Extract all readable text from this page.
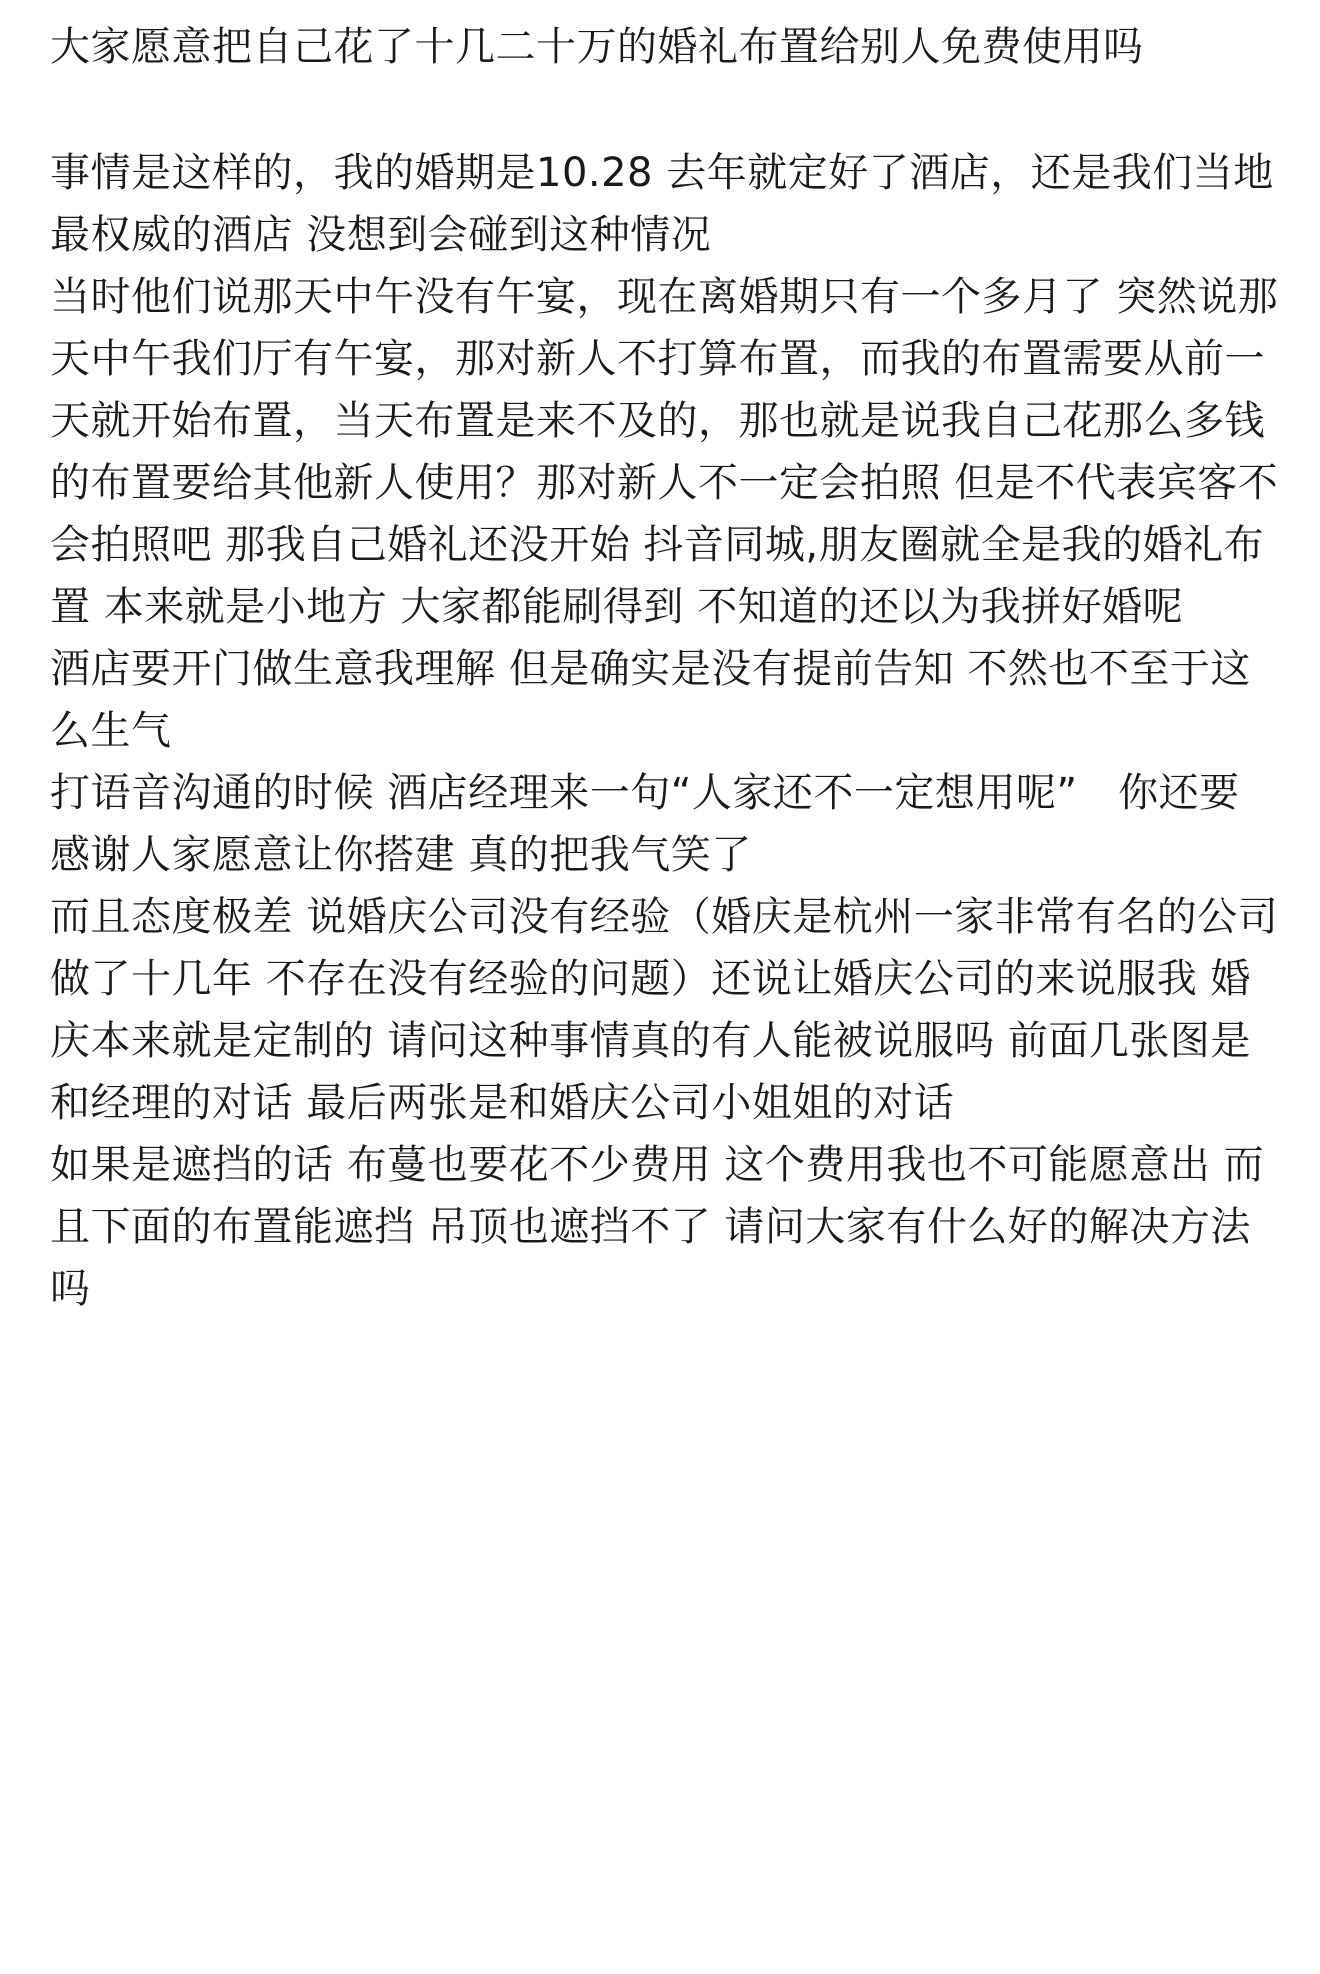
大家愿意把自己花了十几二十万的婚礼布置给别人免费使用吗

事情是这样的，我的婚期是10.28 去年就定好了酒店，还是我们当地最权威的酒店 没想到会碰到这种情况

当时他们说那天中午没有午宴，现在离婚期只有一个多月了 突然说那天中午我们厅有午宴，那对新人不打算布置，而我的布置需要从前一天就开始布置，当天布置是来不及的，那也就是说我自己花那么多钱的布置要给其他新人使用？那对新人不一定会拍照 但是不代表宾客不会拍照吧 那我自己婚礼还没开始 抖音同城,朋友圈就全是我的婚礼布置 本来就是小地方 大家都能刷得到 不知道的还以为我拼好婚呢

酒店要开门做生意我理解 但是确实是没有提前告知 不然也不至于这么生气

打语音沟通的时候 酒店经理来一句“人家还不一定想用呢”　你还要感谢人家愿意让你搭建 真的把我气笑了

而且态度极差 说婚庆公司没有经验（婚庆是杭州一家非常有名的公司 做了十几年 不存在没有经验的问题）还说让婚庆公司的来说服我 婚庆本来就是定制的 请问这种事情真的有人能被说服吗 前面几张图是和经理的对话 最后两张是和婚庆公司小姐姐的对话

如果是遮挡的话 布蔓也要花不少费用 这个费用我也不可能愿意出 而且下面的布置能遮挡 吊顶也遮挡不了 请问大家有什么好的解决方法吗
